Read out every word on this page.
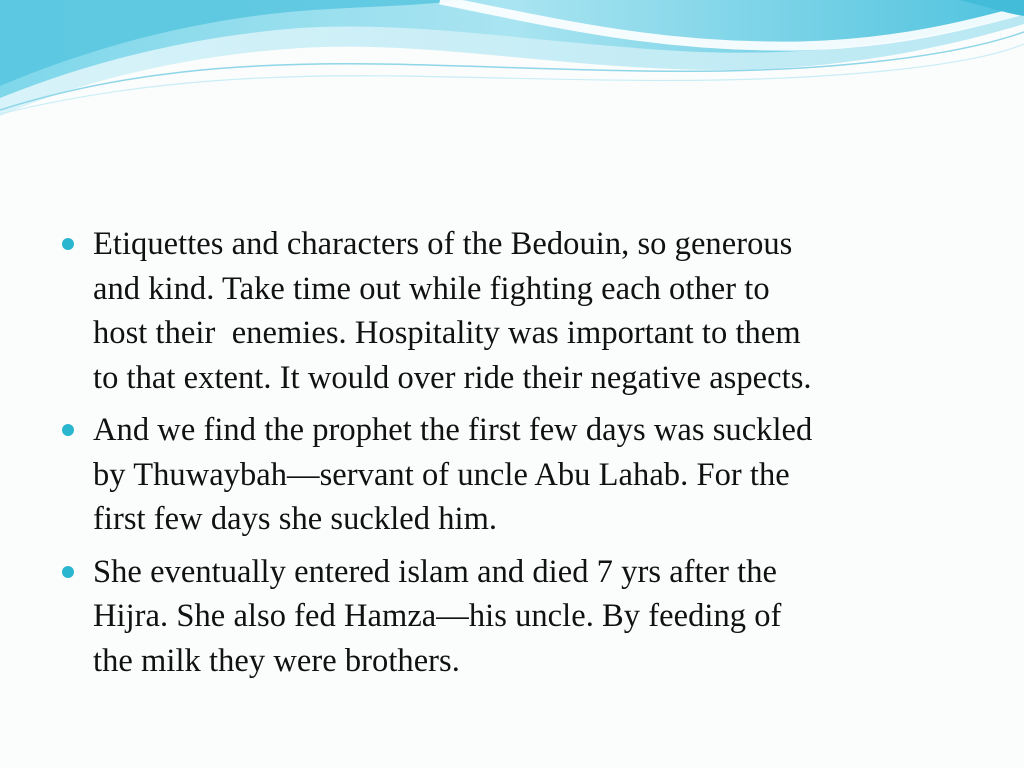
Etiquettes and characters of the Bedouin, so generous
and kind. Take time out while fighting each other to
host their  enemies. Hospitality was important to them
to that extent. It would over ride their negative aspects.
And we find the prophet the first few days was suckled
by Thuwaybah—servant of uncle Abu Lahab. For the
first few days she suckled him.
She eventually entered islam and died 7 yrs after the
Hijra. She also fed Hamza—his uncle. By feeding of
the milk they were brothers.
